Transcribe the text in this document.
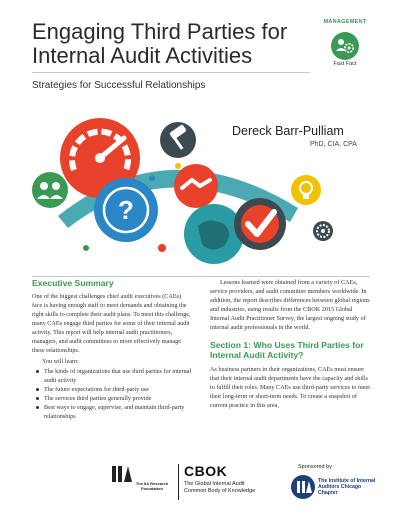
Engaging Third Parties for Internal Audit Activities

Strategies for Successful Relationships

MANAGEMENT
Fast Fact
?
Dereck Barr-Pulliam
PhD, CIA, CPA
Executive Summary

One of the biggest challenges chief audit executives (CAEs) face is having enough staff to meet demands and obtaining the right skills to complete their audit plans. To meet this challenge, many CAEs engage third parties for some of their internal audit activity. This report will help internal audit practitioners, managers, and audit committees to more effectively manage these relationships.

You will learn:

The kinds of organizations that use third parties for internal audit activity
The future expectations for third-party use
The services third parties generally provide
Best ways to engage, supervise, and maintain third-party relationships

Lessons learned were obtained from a variety of CAEs, service providers, and audit committee members worldwide. In addition, the report describes differences between global regions and industries, using results from the CBOK 2015 Global Internal Audit Practitioner Survey, the largest ongoing study of internal audit professionals in the world.

Section 1: Who Uses Third Parties for Internal Audit Activity?

As business partners in their organizations, CAEs must ensure that their internal audit departments have the capacity and skills to fulfill their roles. Many CAEs use third-party services to meet their long-term or short-term needs. To create a snapshot of current practice in this area,

The IIA Research Foundation
CBOK
The Global Internal Audit
Common Body of Knowledge
Sponsored by
The Institute of Internal Auditors Chicago Chapter
